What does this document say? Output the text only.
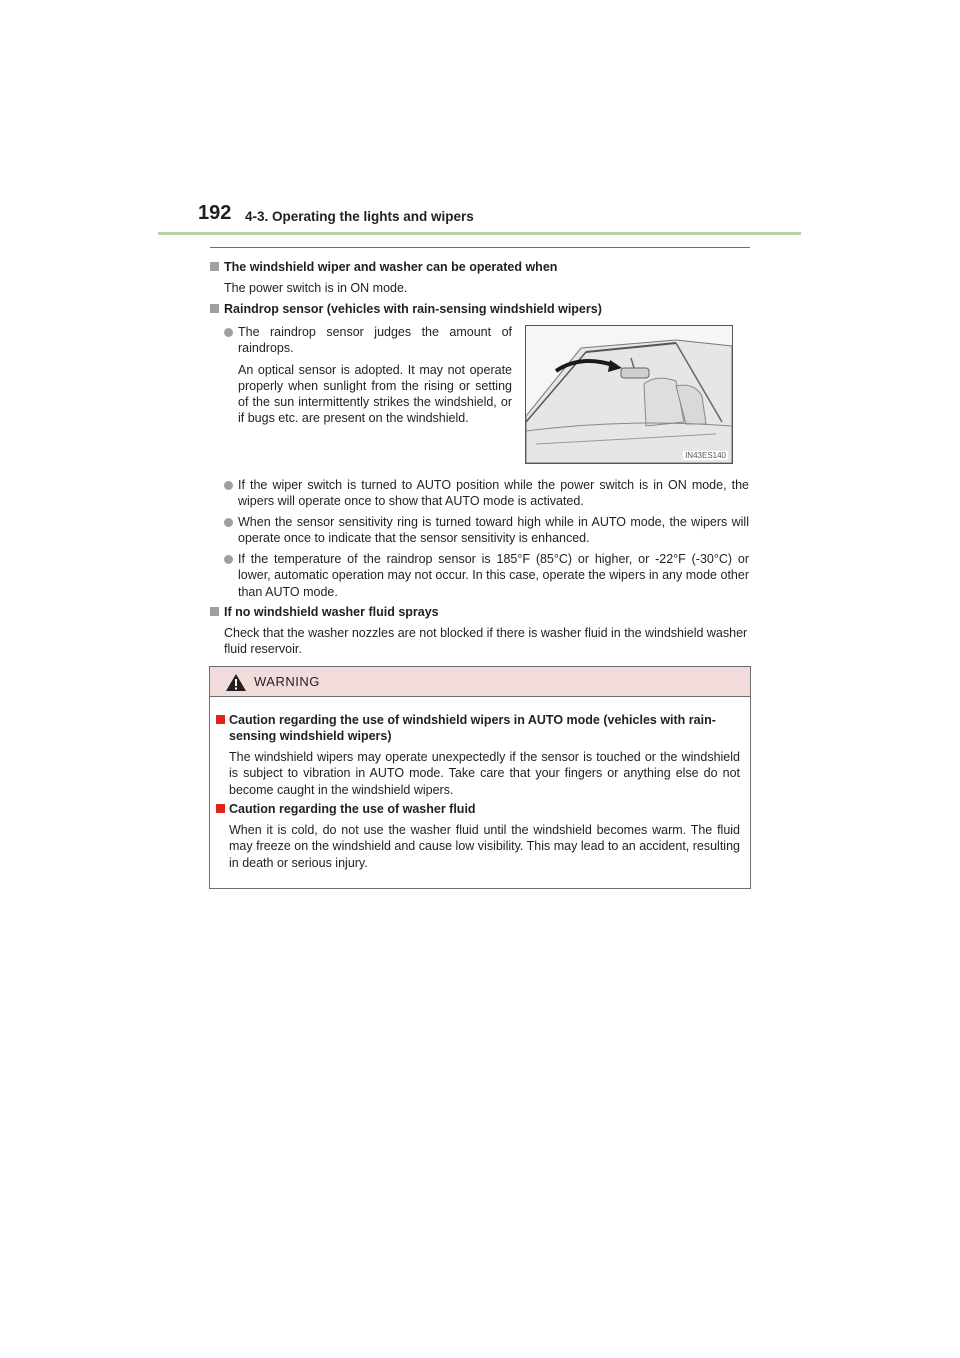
192 4-3. Operating the lights and wipers
The windshield wiper and washer can be operated when
The power switch is in ON mode.
Raindrop sensor (vehicles with rain-sensing windshield wipers)

The raindrop sensor judges the amount of raindrops.

An optical sensor is adopted. It may not operate properly when sunlight from the rising or setting of the sun intermittently strikes the windshield, or if bugs etc. are present on the windshield.

IN43ES140

If the wiper switch is turned to AUTO position while the power switch is in ON mode, the wipers will operate once to show that AUTO mode is activated.

When the sensor sensitivity ring is turned toward high while in AUTO mode, the wipers will operate once to indicate that the sensor sensitivity is enhanced.

If the temperature of the raindrop sensor is 185°F (85°C) or higher, or -22°F (-30°C) or lower, automatic operation may not occur. In this case, operate the wipers in any mode other than AUTO mode.

If no windshield washer fluid sprays
Check that the washer nozzles are not blocked if there is washer fluid in the windshield washer fluid reservoir.
WARNING
Caution regarding the use of windshield wipers in AUTO mode (vehicles with rain-sensing windshield wipers)
The windshield wipers may operate unexpectedly if the sensor is touched or the windshield is subject to vibration in AUTO mode. Take care that your fingers or anything else do not become caught in the windshield wipers.
Caution regarding the use of washer fluid
When it is cold, do not use the washer fluid until the windshield becomes warm. The fluid may freeze on the windshield and cause low visibility. This may lead to an accident, resulting in death or serious injury.
